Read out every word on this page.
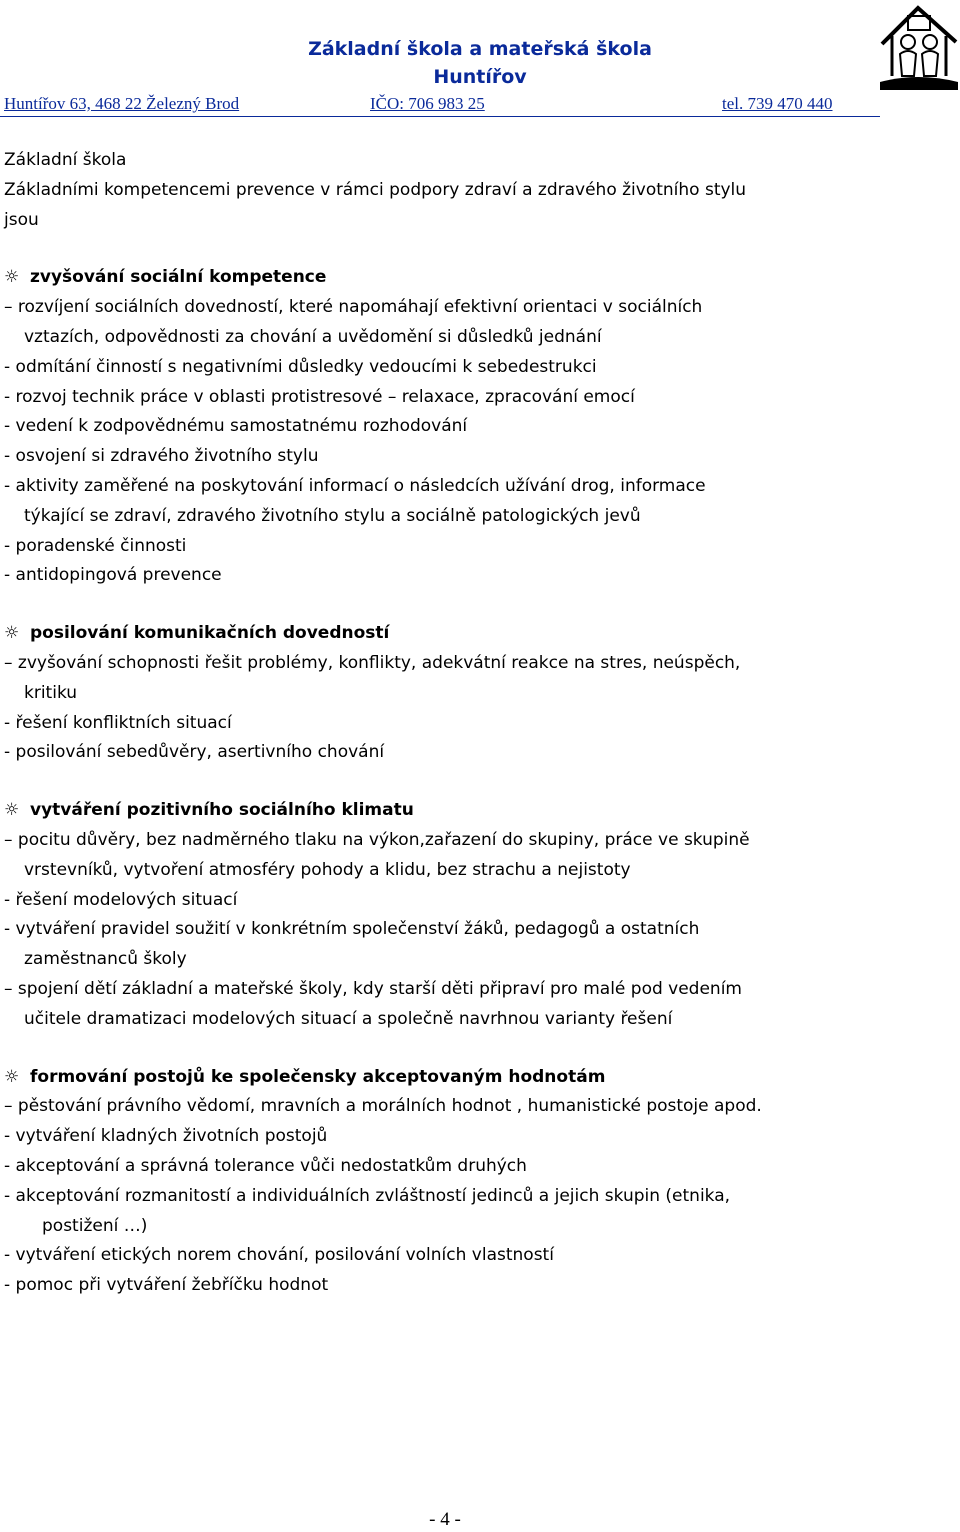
Základní škola a mateřská škola
Huntířov
Huntířov 63, 468 22 Železný Brod	IČO: 706 983 25	tel. 739 470 440
Základní škola
Základními kompetencemi prevence v rámci podpory zdraví a zdravého životního stylu
jsou
☼ zvyšování sociální kompetence
– rozvíjení sociálních dovedností, které napomáhají efektivní orientaci v sociálních
vztazích, odpovědnosti za chování a uvědomění si důsledků jednání
- odmítání činností s negativními důsledky vedoucími k sebedestrukci
- rozvoj technik práce v oblasti protistresové – relaxace, zpracování emocí
- vedení k zodpovědnému samostatnému rozhodování
- osvojení si zdravého životního stylu
- aktivity zaměřené na poskytování informací o následcích užívání drog, informace
týkající se zdraví, zdravého životního stylu a sociálně patologických jevů
- poradenské činnosti
- antidopingová prevence
☼ posilování komunikačních dovedností
– zvyšování schopnosti řešit problémy, konflikty, adekvátní reakce na stres, neúspěch,
kritiku
- řešení konfliktních situací
- posilování sebedůvěry, asertivního chování
☼ vytváření pozitivního sociálního klimatu
– pocitu důvěry, bez nadměrného tlaku na výkon,zařazení do skupiny, práce ve skupině
vrstevníků, vytvoření atmosféry pohody a klidu, bez strachu a nejistoty
- řešení modelových situací
- vytváření pravidel soužití v konkrétním společenství žáků, pedagogů a ostatních
zaměstnanců školy
– spojení dětí základní a mateřské školy, kdy starší děti připraví pro malé pod vedením
učitele dramatizaci modelových situací a společně navrhnou varianty řešení
☼ formování postojů ke společensky akceptovaným hodnotám
– pěstování právního vědomí, mravních a morálních hodnot , humanistické postoje apod.
- vytváření kladných životních postojů
- akceptování a správná tolerance vůči nedostatkům druhých
- akceptování rozmanitostí a individuálních zvláštností jedinců a jejich skupin (etnika,
postižení …)
- vytváření etických norem chování, posilování volních vlastností
- pomoc při vytváření žebříčku hodnot
- 4 -
